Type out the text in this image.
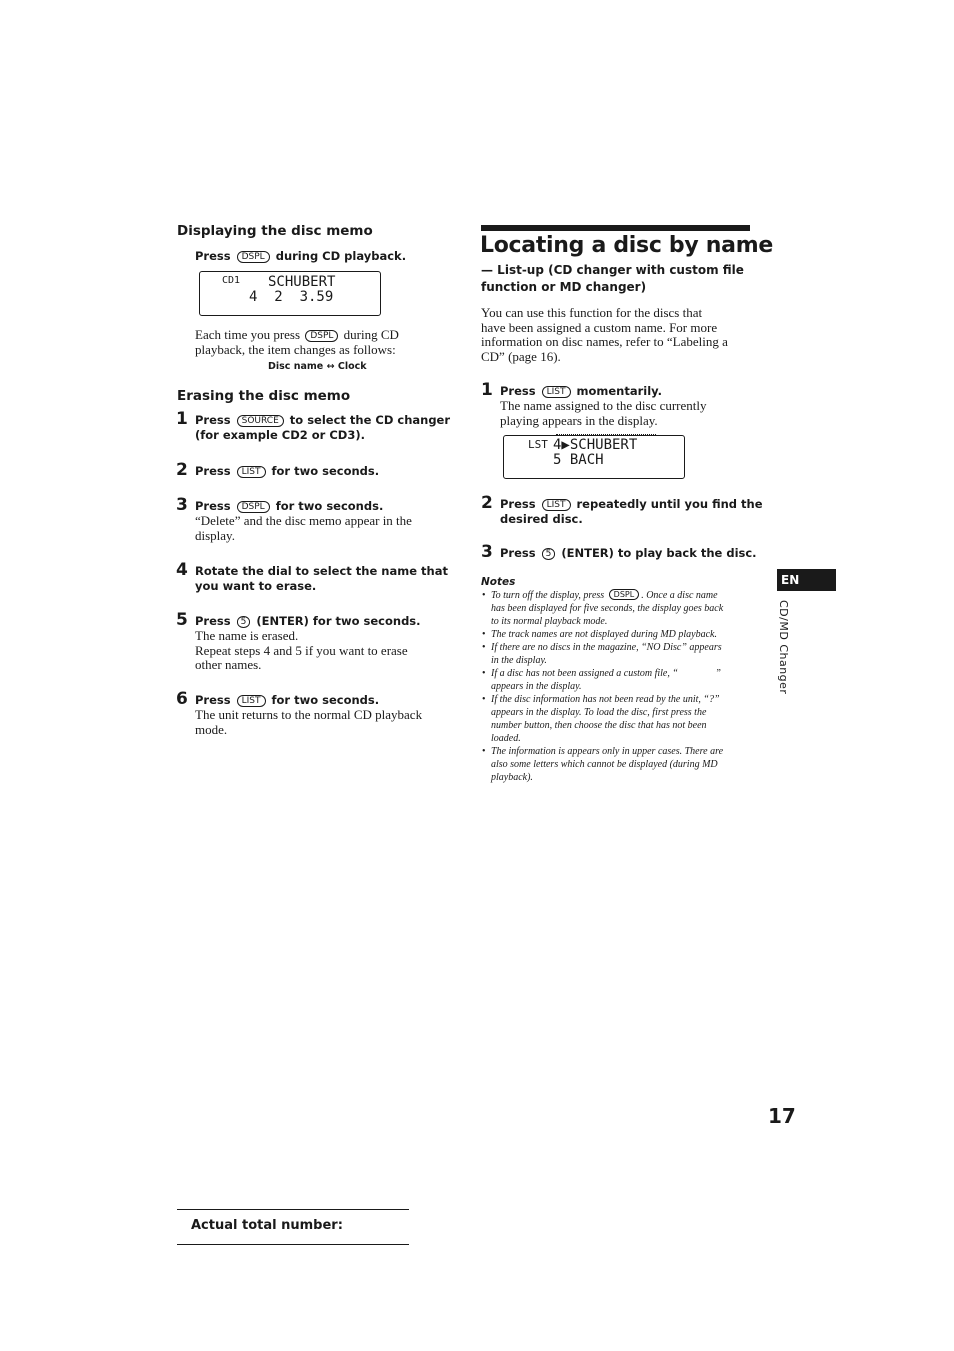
Displaying the disc memo
Press DSPL during CD playback.
CD1 SCHUBERT
4  2  3.59
Each time you press DSPL during CD
playback, the item changes as follows:
Disc name ↔ Clock
Erasing the disc memo
1 Press SOURCE to select the CD changer
(for example CD2 or CD3).
2 Press LIST for two seconds.
3 Press DSPL for two seconds.
“Delete” and the disc memo appear in the
display.
4 Rotate the dial to select the name that
you want to erase.
5 Press 5 (ENTER) for two seconds.
The name is erased.
Repeat steps 4 and 5 if you want to erase
other names.
6 Press LIST for two seconds.
The unit returns to the normal CD playback
mode.
Locating a disc by name
— List-up (CD changer with custom file
function or MD changer)
You can use this function for the discs that
have been assigned a custom name. For more
information on disc names, refer to “Labeling a
CD” (page 16).
1 Press LIST momentarily.
The name assigned to the disc currently
playing appears in the display.
LST 4▶SCHUBERT
5 BACH
2 Press LIST repeatedly until you find the
desired disc.
3 Press 5 (ENTER) to play back the disc.
Notes
• To turn off the display, press DSPL . Once a disc name
has been displayed for five seconds, the display goes back
to its normal playback mode.
• The track names are not displayed during MD playback.
• If there are no discs in the magazine, “NO Disc” appears
in the display.
• If a disc has not been assigned a custom file, “               ”
appears in the display.
• If the disc information has not been read by the unit, “?”
appears in the display. To load the disc, first press the
number button, then choose the disc that has not been
loaded.
• The information is appears only in upper cases. There are
also some letters which cannot be displayed (during MD
playback).
EN
CD/MD Changer
17
Actual total number:
